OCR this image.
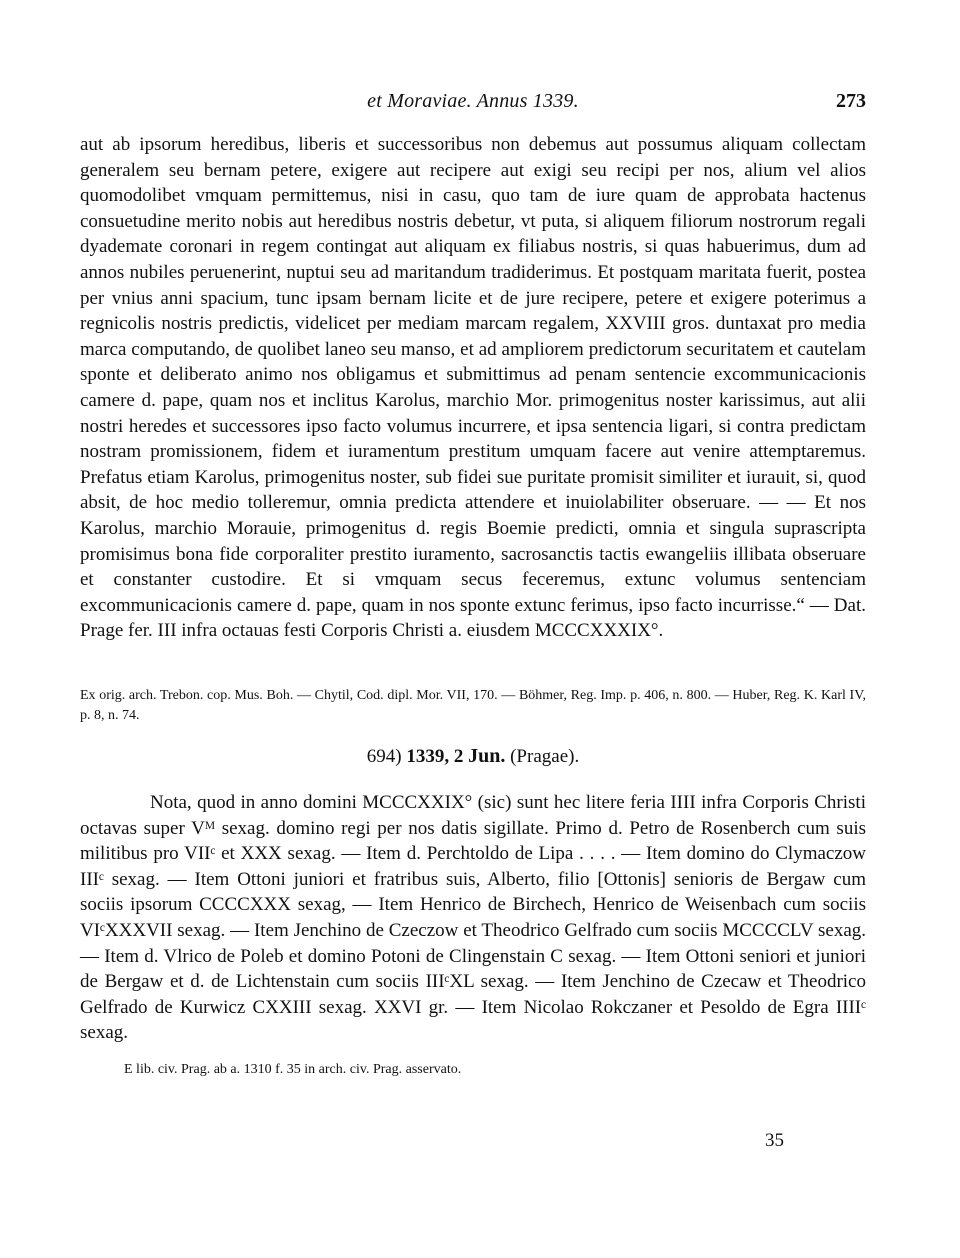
et Moraviae. Annus 1339.	273

aut ab ipsorum heredibus, liberis et successoribus non debemus aut possumus aliquam collectam generalem seu bernam petere, exigere aut recipere aut exigi seu recipi per nos, alium vel alios quomodolibet vmquam permittemus, nisi in casu, quo tam de iure quam de approbata hactenus consuetudine merito nobis aut heredibus nostris debetur, vt puta, si aliquem filiorum nostrorum regali dyademate coronari in regem contingat aut aliquam ex filiabus nostris, si quas habuerimus, dum ad annos nubiles peruenerint, nuptui seu ad maritandum tradiderimus. Et postquam maritata fuerit, postea per vnius anni spacium, tunc ipsam bernam licite et de jure recipere, petere et exigere poterimus a regnicolis nostris predictis, videlicet per mediam marcam regalem, XXVIII gros. duntaxat pro media marca computando, de quolibet laneo seu manso, et ad ampliorem predictorum securitatem et cautelam sponte et deliberato animo nos obligamus et submittimus ad penam sentencie excommunicacionis camere d. pape, quam nos et inclitus Karolus, marchio Mor. primogenitus noster karissimus, aut alii nostri heredes et successores ipso facto volumus incurrere, et ipsa sentencia ligari, si contra predictam nostram promissionem, fidem et iuramentum prestitum umquam facere aut venire attemptaremus. Prefatus etiam Karolus, primogenitus noster, sub fidei sue puritate promisit similiter et iurauit, si, quod absit, de hoc medio tolleremur, omnia predicta attendere et inuiolabiliter obseruare. — — Et nos Karolus, marchio Morauie, primogenitus d. regis Boemie predicti, omnia et singula suprascripta promisimus bona fide corporaliter prestito iuramento, sacrosanctis tactis ewangeliis illibata obseruare et constanter custodire. Et si vmquam secus feceremus, extunc volumus sentenciam excommunicacionis camere d. pape, quam in nos sponte extunc ferimus, ipso facto incurrisse.“ — Dat. Prage fer. III infra octauas festi Corporis Christi a. eiusdem MCCCXXXIX°.

Ex orig. arch. Trebon. cop. Mus. Boh. — Chytil, Cod. dipl. Mor. VII, 170. — Böhmer, Reg. Imp. p. 406, n. 800. — Huber, Reg. K. Karl IV, p. 8, n. 74.

694) 1339, 2 Jun. (Pragae).

Nota, quod in anno domini MCCCXXIX° (sic) sunt hec litere feria IIII infra Corporis Christi octavas super Vᴹ sexag. domino regi per nos datis sigillate. Primo d. Petro de Rosenberch cum suis militibus pro VIIᶜ et XXX sexag. — Item d. Perchtoldo de Lipa . . . . — Item domino do Clymaczow IIIᶜ sexag. — Item Ottoni juniori et fratribus suis, Alberto, filio [Ottonis] senioris de Bergaw cum sociis ipsorum CCCCXXX sexag, — Item Henrico de Birchech, Henrico de Weisenbach cum sociis VIᶜXXXVII sexag. — Item Jenchino de Czeczow et Theodrico Gelfrado cum sociis MCCCCLV sexag. — Item d. Vlrico de Poleb et domino Potoni de Clingenstain C sexag. — Item Ottoni seniori et juniori de Bergaw et d. de Lichtenstain cum sociis IIIᶜXL sexag. — Item Jenchino de Czecaw et Theodrico Gelfrado de Kurwicz CXXIII sexag. XXVI gr. — Item Nicolao Rokczaner et Pesoldo de Egra IIIIᶜ sexag.

E lib. civ. Prag. ab a. 1310 f. 35 in arch. civ. Prag. asservato.

35
